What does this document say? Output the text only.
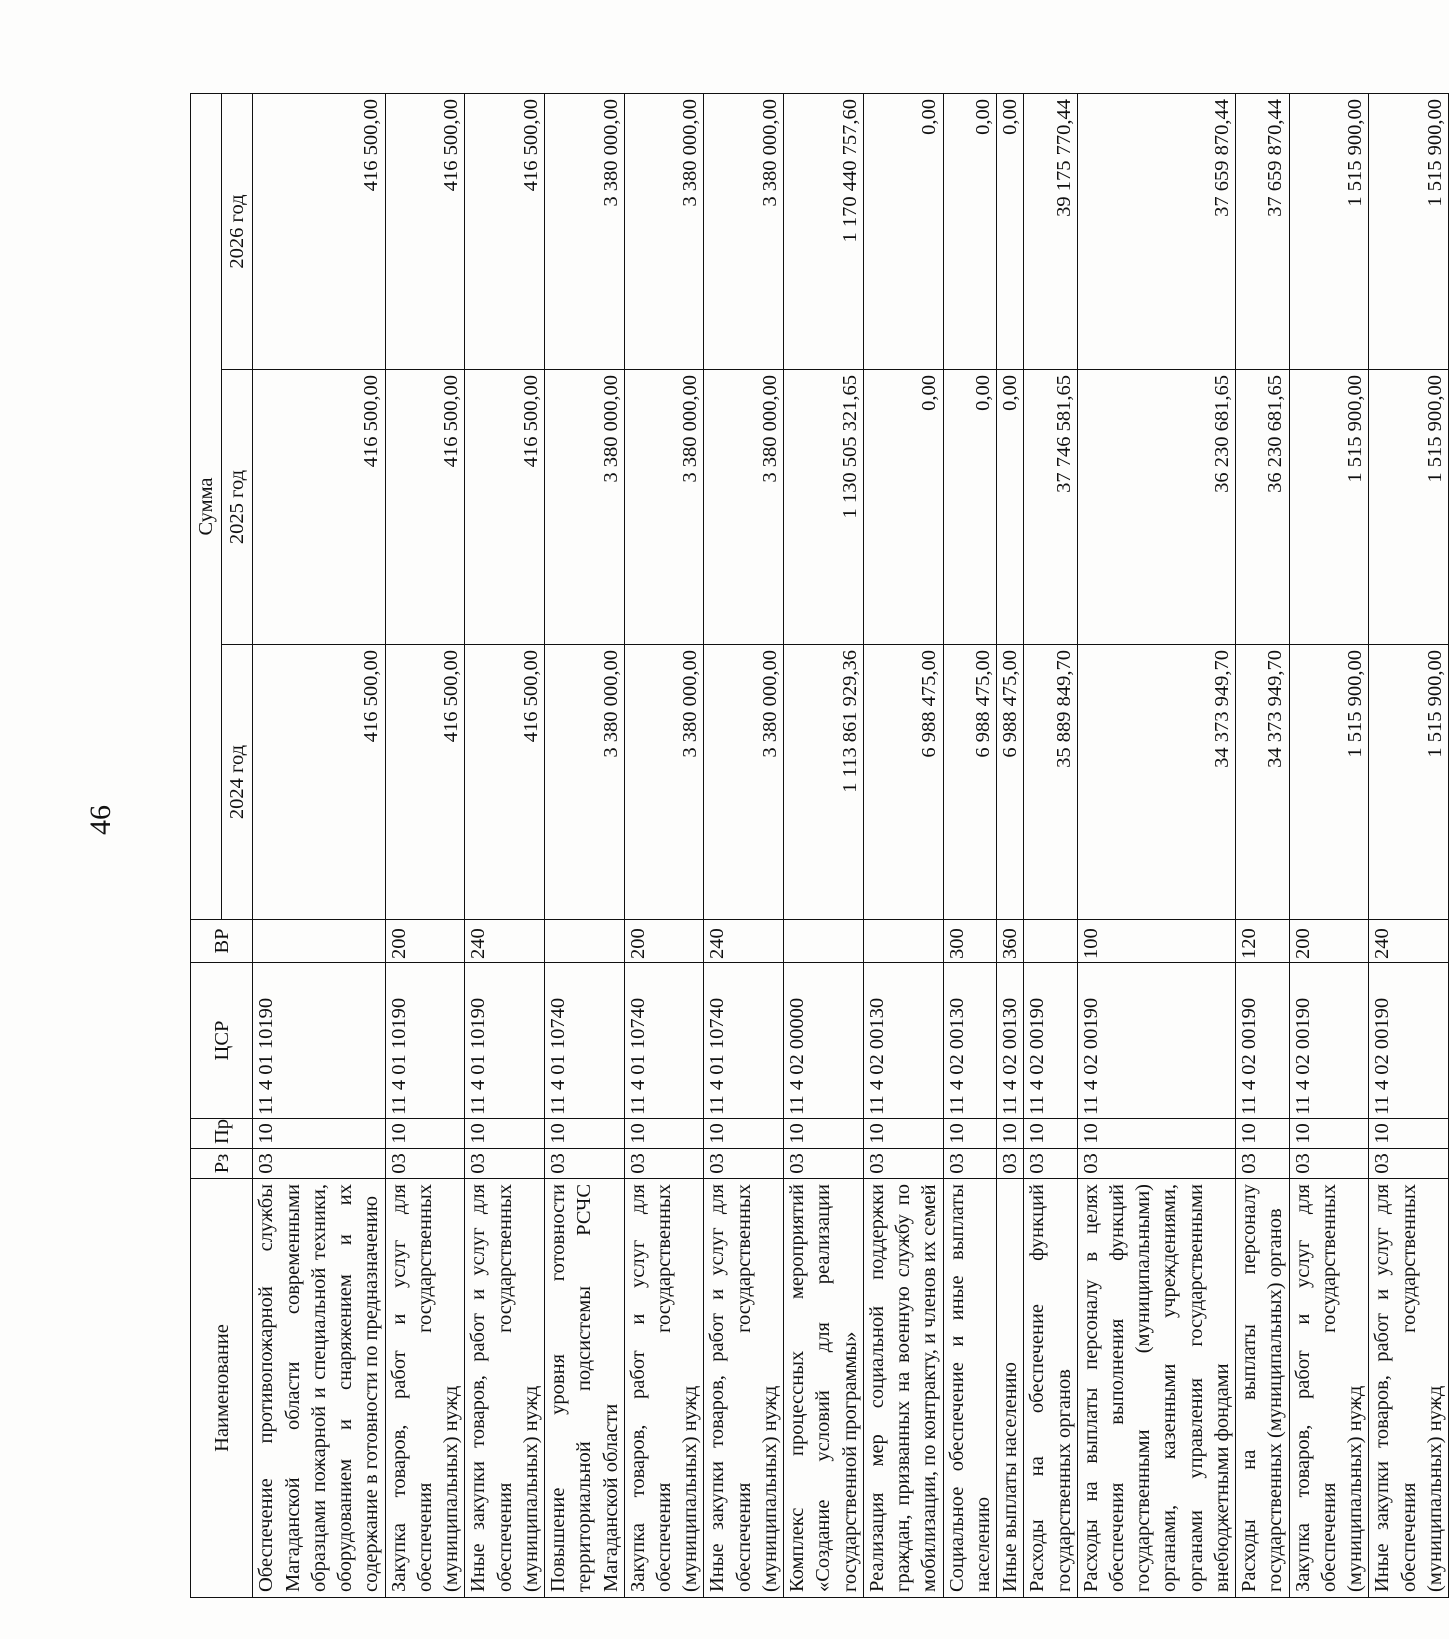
46
Наименование	Рз	Пр	ЦСР	ВР	Сумма		
					2024 год	2025 год	2026 год
Обеспечение противопожарной службы Магаданской области современными образцами пожарной и специальной техники, оборудованием и снаряжением и их содержание в готовности по предназначению	03	10	11 4 01 10190		416 500,00	416 500,00	416 500,00
Закупка товаров, работ и услуг для обеспечения государственных (муниципальных) нужд	03	10	11 4 01 10190	200	416 500,00	416 500,00	416 500,00
Иные закупки товаров, работ и услуг для обеспечения государственных (муниципальных) нужд	03	10	11 4 01 10190	240	416 500,00	416 500,00	416 500,00
Повышение уровня готовности территориальной подсистемы РСЧС Магаданской области	03	10	11 4 01 10740		3 380 000,00	3 380 000,00	3 380 000,00
Закупка товаров, работ и услуг для обеспечения государственных (муниципальных) нужд	03	10	11 4 01 10740	200	3 380 000,00	3 380 000,00	3 380 000,00
Иные закупки товаров, работ и услуг для обеспечения государственных (муниципальных) нужд	03	10	11 4 01 10740	240	3 380 000,00	3 380 000,00	3 380 000,00
Комплекс процессных мероприятий «Создание условий для реализации государственной программы»	03	10	11 4 02 00000		1 113 861 929,36	1 130 505 321,65	1 170 440 757,60
Реализация мер социальной поддержки граждан, призванных на военную службу по мобилизации, по контракту, и членов их семей	03	10	11 4 02 00130		6 988 475,00	0,00	0,00
Социальное обеспечение и иные выплаты населению	03	10	11 4 02 00130	300	6 988 475,00	0,00	0,00
Иные выплаты населению	03	10	11 4 02 00130	360	6 988 475,00	0,00	0,00
Расходы на обеспечение функций государственных органов	03	10	11 4 02 00190		35 889 849,70	37 746 581,65	39 175 770,44
Расходы на выплаты персоналу в целях обеспечения выполнения функций государственными (муниципальными) органами, казенными учреждениями, органами управления государственными внебюджетными фондами	03	10	11 4 02 00190	100	34 373 949,70	36 230 681,65	37 659 870,44
Расходы на выплаты персоналу государственных (муниципальных) органов	03	10	11 4 02 00190	120	34 373 949,70	36 230 681,65	37 659 870,44
Закупка товаров, работ и услуг для обеспечения государственных (муниципальных) нужд	03	10	11 4 02 00190	200	1 515 900,00	1 515 900,00	1 515 900,00
Иные закупки товаров, работ и услуг для обеспечения государственных (муниципальных) нужд	03	10	11 4 02 00190	240	1 515 900,00	1 515 900,00	1 515 900,00
